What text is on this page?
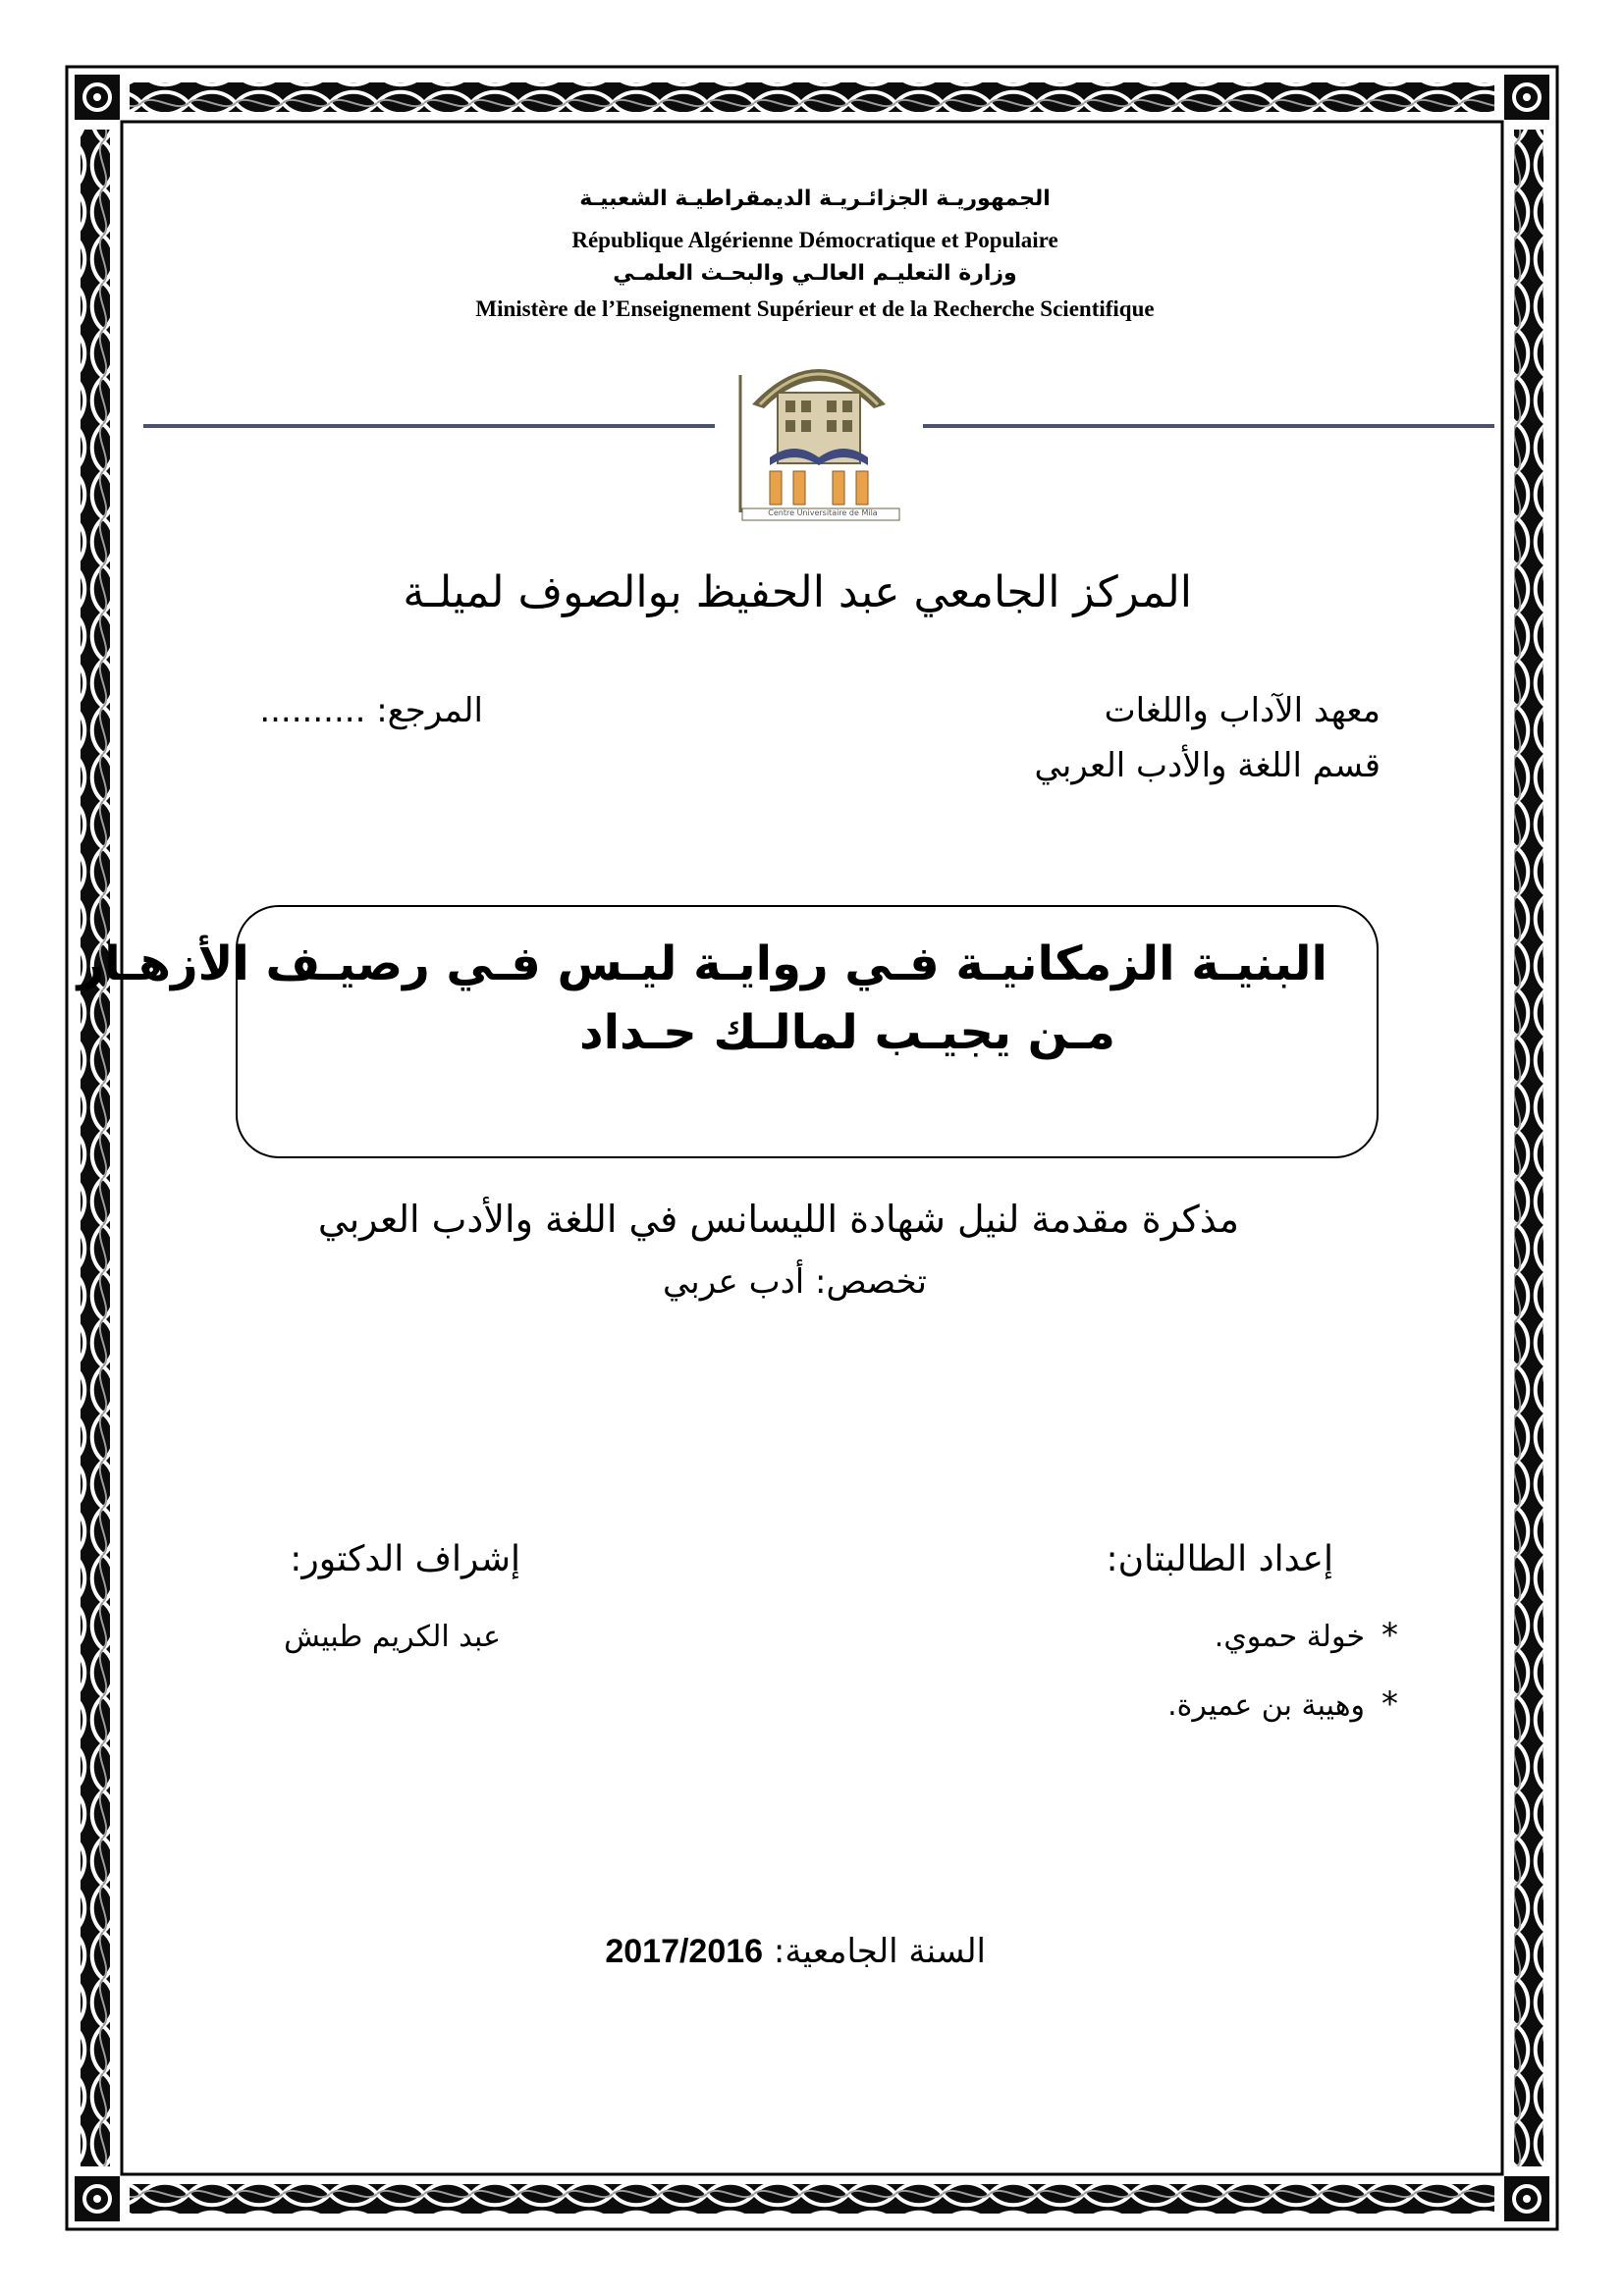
الجمهوريـة الجزائـريـة الديمقراطيـة الشعبيـة
République Algérienne Démocratique et Populaire
وزارة التعليـم العالـي والبحـث العلمـي
Ministère de l’Enseignement Supérieur et de la Recherche Scientifique
Centre Universitaire de Mila
المركز الجامعي عبد الحفيظ بوالصوف لميلـة
معهد الآداب واللغات
المرجع: ..........
قسم اللغة والأدب العربي
البنيـة الزمكانيـة فـي روايـة ليـس فـي رصيـف الأزهـار
مـن يجيـب لمالـك حـداد
مذكرة مقدمة لنيل شهادة الليسانس في اللغة والأدب العربي
تخصص: أدب عربي
إعداد الطالبتان:
إشراف الدكتور:
*
خولة حموي.
عبد الكريم طبيش
*
وهيبة بن عميرة.
السنة الجامعية: 2017/2016
